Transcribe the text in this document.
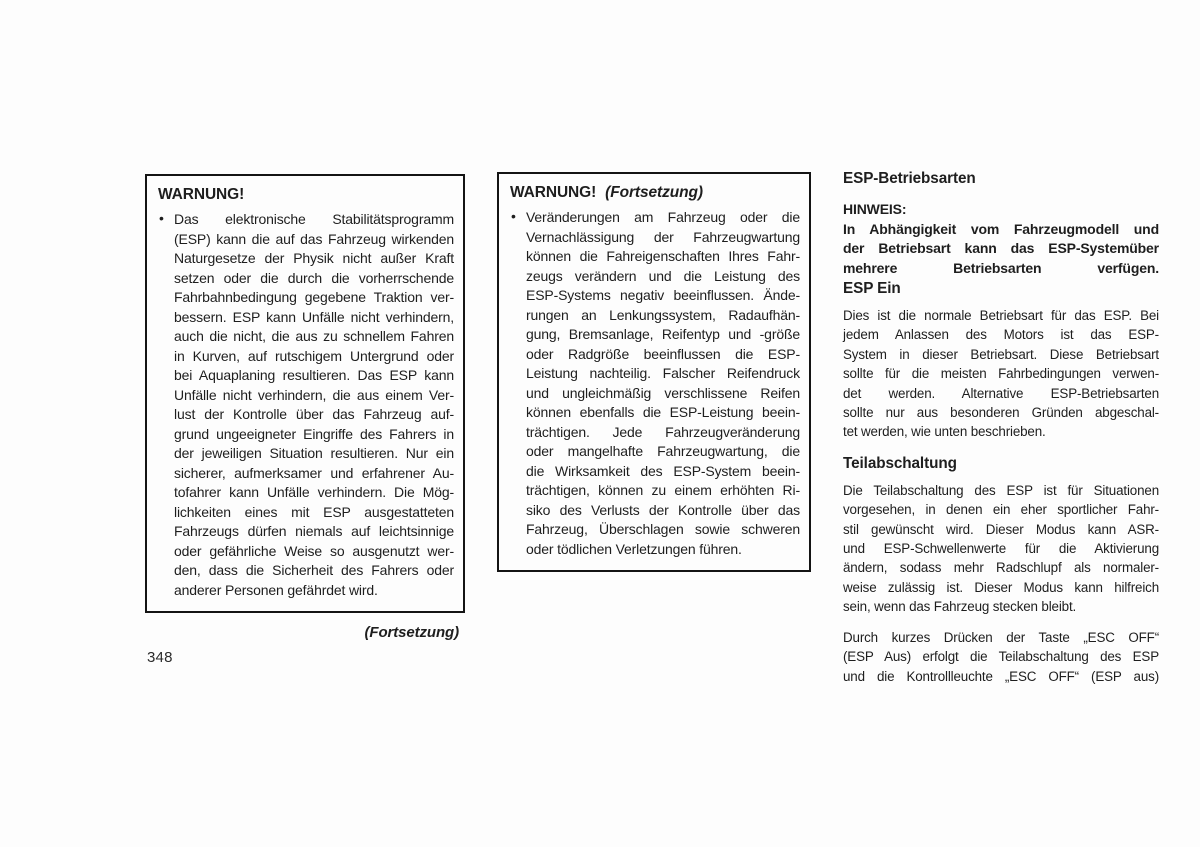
WARNUNG!
• Das elektronische Stabilitätsprogramm
(ESP) kann die auf das Fahrzeug wirkenden
Naturgesetze der Physik nicht außer Kraft
setzen oder die durch die vorherrschende
Fahrbahnbedingung gegebene Traktion ver-
bessern. ESP kann Unfälle nicht verhindern,
auch die nicht, die aus zu schnellem Fahren
in Kurven, auf rutschigem Untergrund oder
bei Aquaplaning resultieren. Das ESP kann
Unfälle nicht verhindern, die aus einem Ver-
lust der Kontrolle über das Fahrzeug auf-
grund ungeeigneter Eingriffe des Fahrers in
der jeweiligen Situation resultieren. Nur ein
sicherer, aufmerksamer und erfahrener Au-
tofahrer kann Unfälle verhindern. Die Mög-
lichkeiten eines mit ESP ausgestatteten
Fahrzeugs dürfen niemals auf leichtsinnige
oder gefährliche Weise so ausgenutzt wer-
den, dass die Sicherheit des Fahrers oder
anderer Personen gefährdet wird.
(Fortsetzung)
348
WARNUNG! (Fortsetzung)
• Veränderungen am Fahrzeug oder die
Vernachlässigung der Fahrzeugwartung
können die Fahreigenschaften Ihres Fahr-
zeugs verändern und die Leistung des
ESP-Systems negativ beeinflussen. Ände-
rungen an Lenkungssystem, Radaufhän-
gung, Bremsanlage, Reifentyp und -größe
oder Radgröße beeinflussen die ESP-
Leistung nachteilig. Falscher Reifendruck
und ungleichmäßig verschlissene Reifen
können ebenfalls die ESP-Leistung beein-
trächtigen. Jede Fahrzeugveränderung
oder mangelhafte Fahrzeugwartung, die
die Wirksamkeit des ESP-System beein-
trächtigen, können zu einem erhöhten Ri-
siko des Verlusts der Kontrolle über das
Fahrzeug, Überschlagen sowie schweren
oder tödlichen Verletzungen führen.
ESP-Betriebsarten
HINWEIS:
In Abhängigkeit vom Fahrzeugmodell und
der Betriebsart kann das ESP-Systemüber
mehrere Betriebsarten verfügen.
ESP Ein
Dies ist die normale Betriebsart für das ESP. Bei
jedem Anlassen des Motors ist das ESP-
System in dieser Betriebsart. Diese Betriebsart
sollte für die meisten Fahrbedingungen verwen-
det werden. Alternative ESP-Betriebsarten
sollte nur aus besonderen Gründen abgeschal-
tet werden, wie unten beschrieben.
Teilabschaltung
Die Teilabschaltung des ESP ist für Situationen
vorgesehen, in denen ein eher sportlicher Fahr-
stil gewünscht wird. Dieser Modus kann ASR-
und ESP-Schwellenwerte für die Aktivierung
ändern, sodass mehr Radschlupf als normaler-
weise zulässig ist. Dieser Modus kann hilfreich
sein, wenn das Fahrzeug stecken bleibt.
Durch kurzes Drücken der Taste „ESC OFF“
(ESP Aus) erfolgt die Teilabschaltung des ESP
und die Kontrollleuchte „ESC OFF“ (ESP aus)
